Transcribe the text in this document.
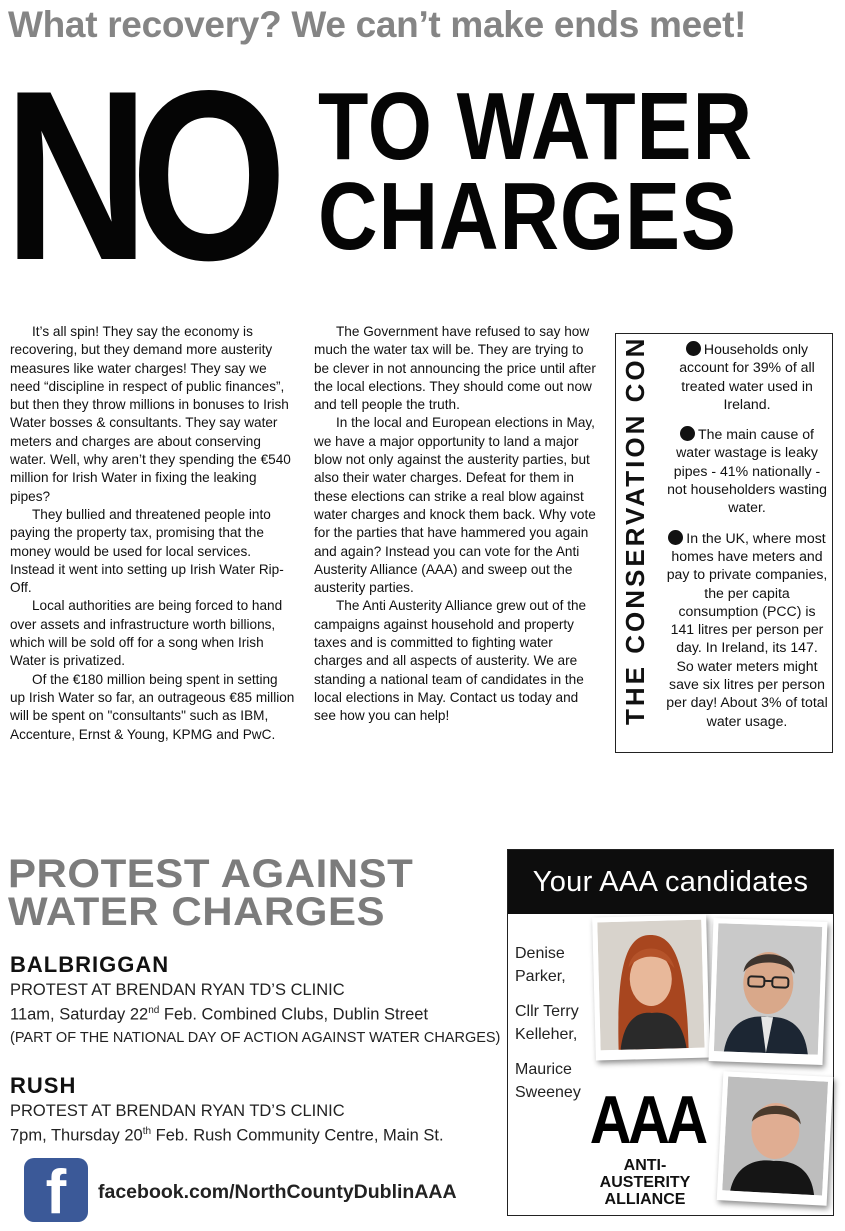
What recovery? We can’t make ends meet!
NO TO WATER
CHARGES

It’s all spin! They say the economy is recovering, but they demand more austerity measures like water charges! They say we need “discipline in respect of public finances”, but then they throw millions in bonuses to Irish Water bosses & consultants. They say water meters and charges are about conserving water. Well, why aren’t they spending the €540 million for Irish Water in fixing the leaking pipes?

They bullied and threatened people into paying the property tax, promising that the money would be used for local services. Instead it went into setting up Irish Water Rip-Off.

Local authorities are being forced to hand over assets and infrastructure worth billions, which will be sold off for a song when Irish Water is privatized.

Of the €180 million being spent in setting up Irish Water so far, an outrageous €85 million will be spent on "consultants" such as IBM, Accenture, Ernst & Young, KPMG and PwC.

The Government have refused to say how much the water tax will be. They are trying to be clever in not announcing the price until after the local elections. They should come out now and tell people the truth.

In the local and European elections in May, we have a major opportunity to land a major blow not only against the austerity parties, but also their water charges. Defeat for them in these elections can strike a real blow against water charges and knock them back. Why vote for the parties that have hammered you again and again? Instead you can vote for the Anti Austerity Alliance (AAA) and sweep out the austerity parties.

The Anti Austerity Alliance grew out of the campaigns against household and property taxes and is committed to fighting water charges and all aspects of austerity. We are standing a national team of candidates in the local elections in May. Contact us today and see how you can help!	THE CONSERVATION CON	Households only account for 39% of all treated water used in Ireland.

The main cause of water wastage is leaky pipes - 41% nationally - not householders wasting water.

In the UK, where most homes have meters and pay to private companies, the per capita consumption (PCC) is 141 litres per person per day. In Ireland, its 147. So water meters might save six litres per person per day! About 3% of total water usage.

PROTEST AGAINST
WATER CHARGES
BALBRIGGAN
PROTEST AT BRENDAN RYAN TD’S CLINIC
11am, Saturday 22nd Feb. Combined Clubs, Dublin Street
(PART OF THE NATIONAL DAY OF ACTION AGAINST WATER CHARGES)
RUSH
PROTEST AT BRENDAN RYAN TD’S CLINIC
7pm, Thursday 20th Feb. Rush Community Centre, Main St.
f	facebook.com/NorthCountyDublinAAA
Your AAA candidates
Denise Parker,
Cllr Terry Kelleher,
Maurice Sweeney AAA
ANTI-AUSTERITY
ALLIANCE
